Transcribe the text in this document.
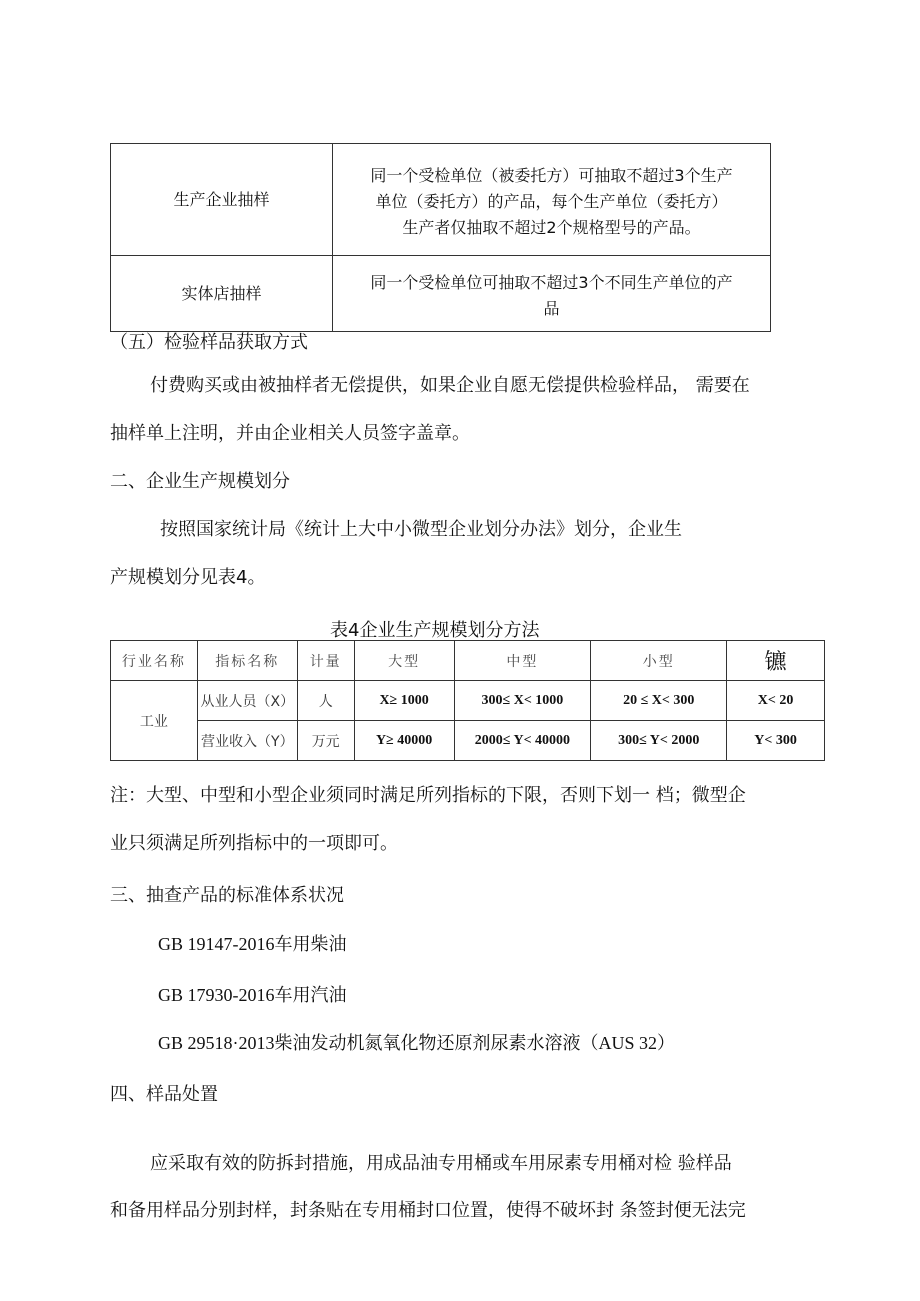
生产企业抽样	同一个受检单位（被委托方）可抽取不超过3个生产
单位（委托方）的产品，每个生产单位（委托方）
生产者仅抽取不超过2个规格型号的产品。

实体店抽样	同一个受检单位可抽取不超过3个不同生产单位的产
品
（五）检验样品获取方式
付费购买或由被抽样者无偿提供，如果企业自愿无偿提供检验样品， 需要在
抽样单上注明，并由企业相关人员签字盖章。
二、企业生产规模划分
按照国家统计局《统计上大中小微型企业划分办法》划分，企业生
产规模划分见表4。
表4企业生产规模划分方法
行业名称	指标名称	计量	大型	中型	小型	镳
工业	从业人员（X）	人	X≥ 1000	300≤ X< 1000	20 ≤ X< 300	X< 20
	营业收入（Y）	万元	Y≥ 40000	2000≤ Y< 40000	300≤ Y< 2000	Y< 300
注：大型、中型和小型企业须同时满足所列指标的下限，否则下划一 档；微型企
业只须满足所列指标中的一项即可。
三、抽查产品的标准体系状况
GB 19147-2016车用柴油
GB 17930-2016车用汽油
GB 29518·2013柴油发动机氮氧化物还原剂尿素水溶液（AUS 32）
四、样品处置
应采取有效的防拆封措施，用成品油专用桶或车用尿素专用桶对检 验样品
和备用样品分别封样，封条贴在专用桶封口位置，使得不破坏封 条签封便无法完
